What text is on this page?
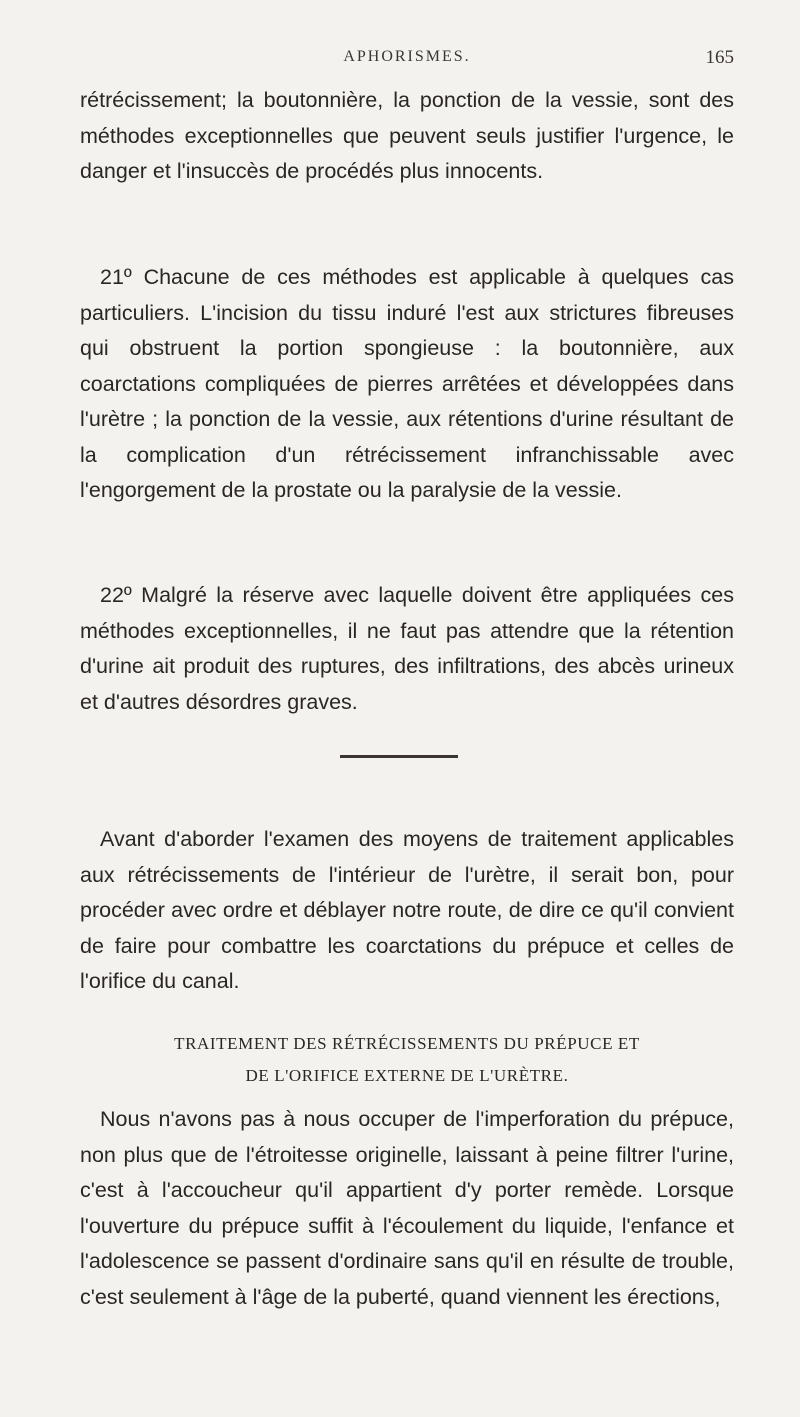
APHORISMES.	165
rétrécissement; la boutonnière, la ponction de la vessie, sont des méthodes exceptionnelles que peuvent seuls justifier l'urgence, le danger et l'insuccès de procédés plus innocents.
21º Chacune de ces méthodes est applicable à quelques cas particuliers. L'incision du tissu induré l'est aux strictures fibreuses qui obstruent la portion spongieuse : la boutonnière, aux coarctations compliquées de pierres arrêtées et développées dans l'urètre ; la ponction de la vessie, aux rétentions d'urine résultant de la complication d'un rétrécissement infranchissable avec l'engorgement de la prostate ou la paralysie de la vessie.
22º Malgré la réserve avec laquelle doivent être appliquées ces méthodes exceptionnelles, il ne faut pas attendre que la rétention d'urine ait produit des ruptures, des infiltrations, des abcès urineux et d'autres désordres graves.
Avant d'aborder l'examen des moyens de traitement applicables aux rétrécissements de l'intérieur de l'urètre, il serait bon, pour procéder avec ordre et déblayer notre route, de dire ce qu'il convient de faire pour combattre les coarctations du prépuce et celles de l'orifice du canal.
TRAITEMENT DES RÉTRÉCISSEMENTS DU PRÉPUCE ET
DE L'ORIFICE EXTERNE DE L'URÈTRE.
Nous n'avons pas à nous occuper de l'imperforation du prépuce, non plus que de l'étroitesse originelle, laissant à peine filtrer l'urine, c'est à l'accoucheur qu'il appartient d'y porter remède. Lorsque l'ouverture du prépuce suffit à l'écoulement du liquide, l'enfance et l'adolescence se passent d'ordinaire sans qu'il en résulte de trouble, c'est seulement à l'âge de la puberté, quand viennent les érections,
